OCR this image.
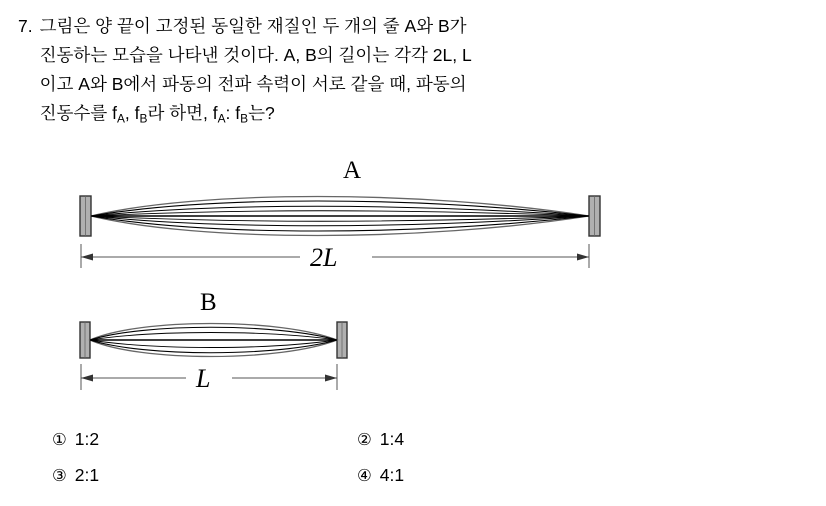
7. 그림은 양 끝이 고정된 동일한 재질인 두 개의 줄 A와 B가
진동하는 모습을 나타낸 것이다. A, B의 길이는 각각 2L, L
이고 A와 B에서 파동의 전파 속력이 서로 같을 때, 파동의
진동수를 $f_A$, $f_B$라 하면, $f_A$: $f_B$는?
A
2L
B
L
① 1:2	② 1:4
③ 2:1	④ 4:1
